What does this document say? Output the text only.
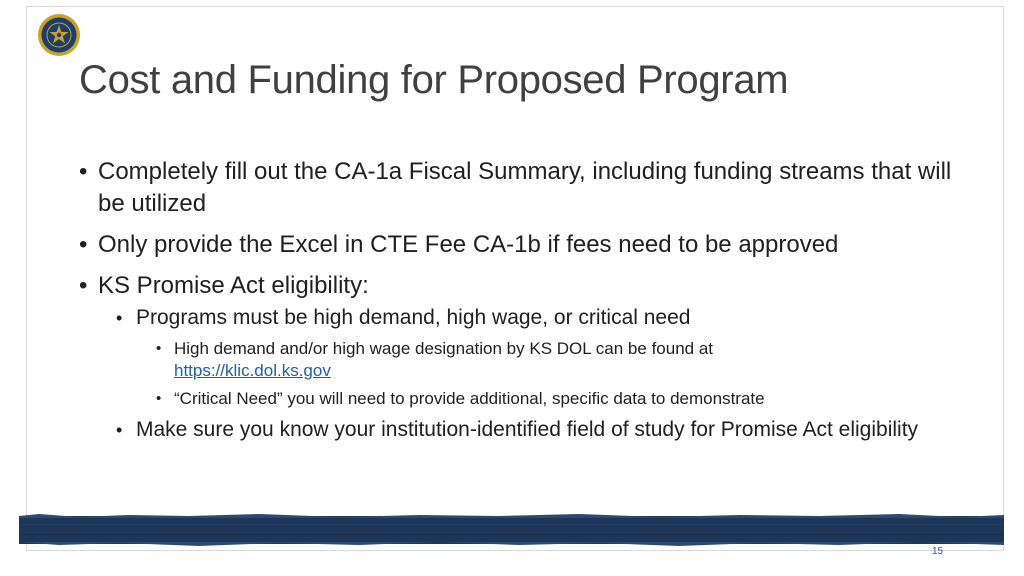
Cost and Funding for Proposed Program
• Completely fill out the CA-1a Fiscal Summary, including funding streams that will be utilized
• Only provide the Excel in CTE Fee CA-1b if fees need to be approved
• KS Promise Act eligibility:
• Programs must be high demand, high wage, or critical need
• High demand and/or high wage designation by KS DOL can be found at
https://klic.dol.ks.gov
• “Critical Need” you will need to provide additional, specific data to demonstrate
• Make sure you know your institution-identified field of study for Promise Act eligibility
15
